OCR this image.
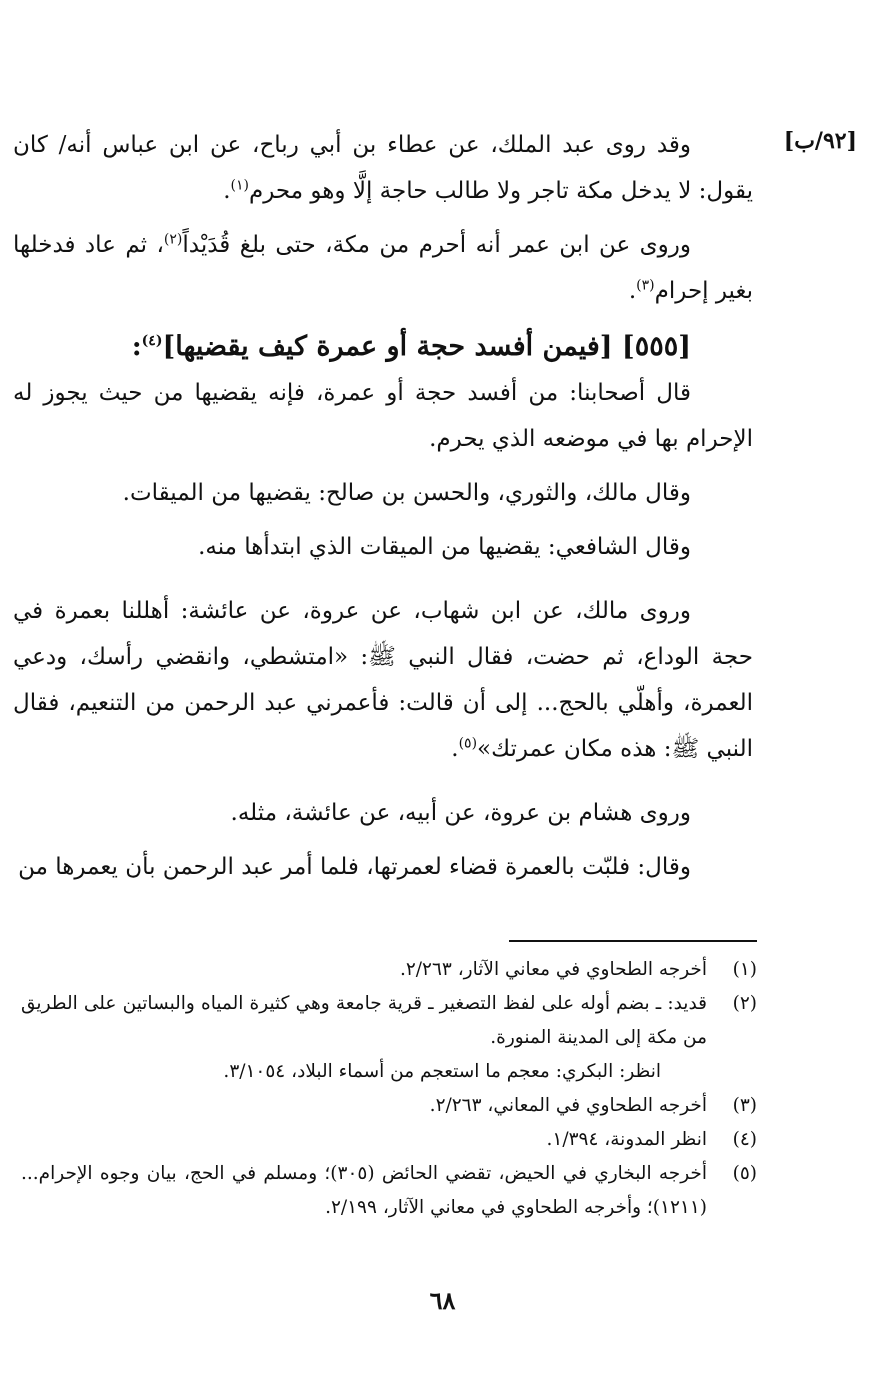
[٩٢/ب]

وقد روى عبد الملك، عن عطاء بن أبي رباح، عن ابن عباس أنه/ كان يقول: لا يدخل مكة تاجر ولا طالب حاجة إلَّا وهو محرم$^{(١)}$.

وروى عن ابن عمر أنه أحرم من مكة، حتى بلغ قُدَيْداً$^{(٢)}$، ثم عاد فدخلها بغير إحرام$^{(٣)}$.

[٥٥٥] [فيمن أفسد حجة أو عمرة كيف يقضيها]$^{(٤)}$:

قال أصحابنا: من أفسد حجة أو عمرة، فإنه يقضيها من حيث يجوز له الإحرام بها في موضعه الذي يحرم.

وقال مالك، والثوري، والحسن بن صالح: يقضيها من الميقات.

وقال الشافعي: يقضيها من الميقات الذي ابتدأها منه.

وروى مالك، عن ابن شهاب، عن عروة، عن عائشة: أهللنا بعمرة في حجة الوداع، ثم حضت، فقال النبي ﷺ: «امتشطي، وانقضي رأسك، ودعي العمرة، وأهلّي بالحج... إلى أن قالت: فأعمرني عبد الرحمن من التنعيم، فقال النبي ﷺ: هذه مكان عمرتك»$^{(٥)}$.

وروى هشام بن عروة، عن أبيه، عن عائشة، مثله.

وقال: فلبّت بالعمرة قضاء لعمرتها، فلما أمر عبد الرحمن بأن يعمرها من

(١)
أخرجه الطحاوي في معاني الآثار، ٢/٢٦٣.
(٢)
قديد: ـ بضم أوله على لفظ التصغير ـ قرية جامعة وهي كثيرة المياه والبساتين على الطريق من مكة إلى المدينة المنورة.
انظر: البكري: معجم ما استعجم من أسماء البلاد، ٣/١٠٥٤.
(٣)
أخرجه الطحاوي في المعاني، ٢/٢٦٣.
(٤)
انظر المدونة، ١/٣٩٤.
(٥)
أخرجه البخاري في الحيض، تقضي الحائض (٣٠٥)؛ ومسلم في الحج، بيان وجوه الإحرام... (١٢١١)؛ وأخرجه الطحاوي في معاني الآثار، ٢/١٩٩.
٦٨
